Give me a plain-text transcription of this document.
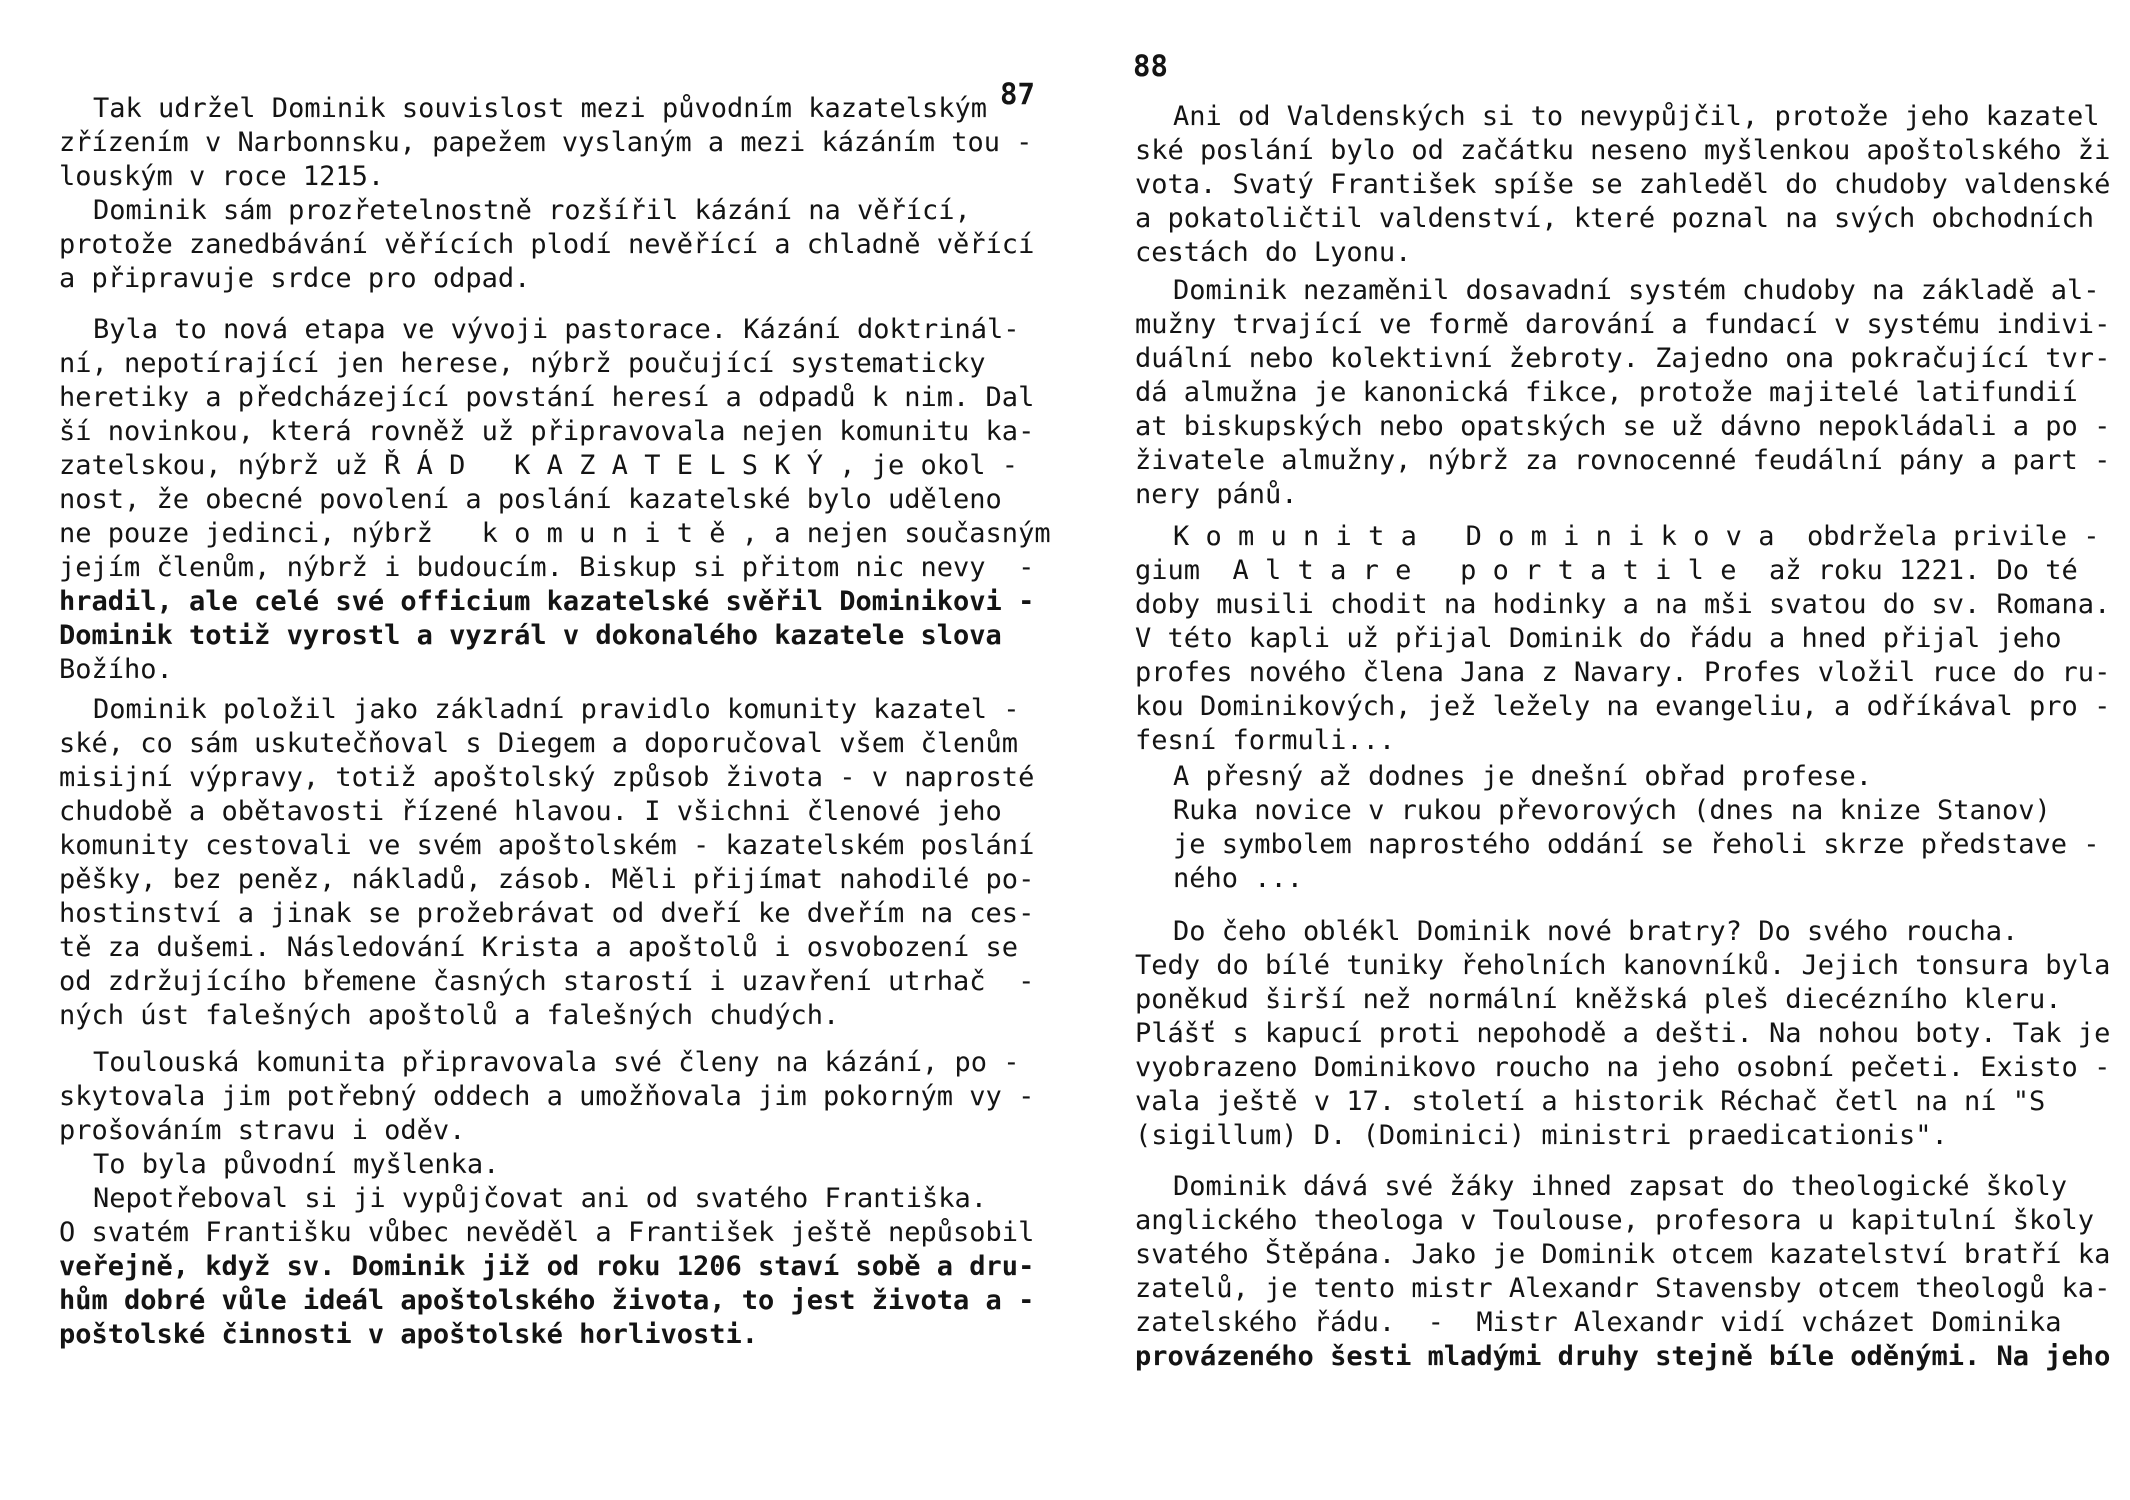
87
Tak udržel Dominik souvislost mezi původním kazatelským
zřízením v Narbonnsku, papežem vyslaným a mezi kázáním tou -
louským v roce 1215.
Dominik sám prozřetelnostně rozšířil kázání na věřící,
protože zanedbávání věřících plodí nevěřící a chladně věřící
a připravuje srdce pro odpad.
Byla to nová etapa ve vývoji pastorace. Kázání doktrinál-
ní, nepotírající jen herese, nýbrž poučující systematicky
heretiky a předcházející povstání heresí a odpadů k nim. Dal
ší novinkou, která rovněž už připravovala nejen komunitu ka-
zatelskou, nýbrž už Ř Á D   K A Z A T E L S K Ý , je okol -
nost, že obecné povolení a poslání kazatelské bylo uděleno
ne pouze jedinci, nýbrž   k o m u n i t ě , a nejen současným
jejím členům, nýbrž i budoucím. Biskup si přitom nic nevy  -
hradil, ale celé své officium kazatelské svěřil Dominikovi -
Dominik totiž vyrostl a vyzrál v dokonalého kazatele slova
Božího.
Dominik položil jako základní pravidlo komunity kazatel -
ské, co sám uskutečňoval s Diegem a doporučoval všem členům
misijní výpravy, totiž apoštolský způsob života - v naprosté
chudobě a obětavosti řízené hlavou. I všichni členové jeho
komunity cestovali ve svém apoštolském - kazatelském poslání
pěšky, bez peněz, nákladů, zásob. Měli přijímat nahodilé po-
hostinství a jinak se prožebrávat od dveří ke dveřím na ces-
tě za dušemi. Následování Krista a apoštolů i osvobození se
od zdržujícího břemene časných starostí i uzavření utrhač  -
ných úst falešných apoštolů a falešných chudých.
Toulouská komunita připravovala své členy na kázání, po -
skytovala jim potřebný oddech a umožňovala jim pokorným vy -
prošováním stravu i oděv.
To byla původní myšlenka.
Nepotřeboval si ji vypůjčovat ani od svatého Františka.
O svatém Františku vůbec nevěděl a František ještě nepůsobil
veřejně, když sv. Dominik již od roku 1206 staví sobě a dru-
hům dobré vůle ideál apoštolského života, to jest života a -
poštolské činnosti v apoštolské horlivosti.
88
Ani od Valdenských si to nevypůjčil, protože jeho kazatel
ské poslání bylo od začátku neseno myšlenkou apoštolského ži
vota. Svatý František spíše se zahleděl do chudoby valdenské
a pokatoličtil valdenství, které poznal na svých obchodních
cestách do Lyonu.
Dominik nezaměnil dosavadní systém chudoby na základě al-
mužny trvající ve formě darování a fundací v systému indivi-
duální nebo kolektivní žebroty. Zajedno ona pokračující tvr-
dá almužna je kanonická fikce, protože majitelé latifundií
at biskupských nebo opatských se už dávno nepokládali a po -
živatele almužny, nýbrž za rovnocenné feudální pány a part -
nery pánů.
K o m u n i t a   D o m i n i k o v a  obdržela privile -
gium  A l t a r e   p o r t a t i l e  až roku 1221. Do té
doby musili chodit na hodinky a na mši svatou do sv. Romana.
V této kapli už přijal Dominik do řádu a hned přijal jeho
profes nového člena Jana z Navary. Profes vložil ruce do ru-
kou Dominikových, jež ležely na evangeliu, a odříkával pro -
fesní formuli...
A přesný až dodnes je dnešní obřad profese.
Ruka novice v rukou převorových (dnes na knize Stanov)
je symbolem naprostého oddání se řeholi skrze představe -
ného ...
Do čeho oblékl Dominik nové bratry? Do svého roucha.
Tedy do bílé tuniky řeholních kanovníků. Jejich tonsura byla
poněkud širší než normální kněžská pleš diecézního kleru.
Plášť s kapucí proti nepohodě a dešti. Na nohou boty. Tak je
vyobrazeno Dominikovo roucho na jeho osobní pečeti. Existo -
vala ještě v 17. století a historik Réchač četl na ní "S
(sigillum) D. (Dominici) ministri praedicationis".
Dominik dává své žáky ihned zapsat do theologické školy
anglického theologa v Toulouse, profesora u kapitulní školy
svatého Štěpána. Jako je Dominik otcem kazatelství bratří ka
zatelů, je tento mistr Alexandr Stavensby otcem theologů ka-
zatelského řádu.  -  Mistr Alexandr vidí vcházet Dominika
provázeného šesti mladými druhy stejně bíle oděnými. Na jeho
